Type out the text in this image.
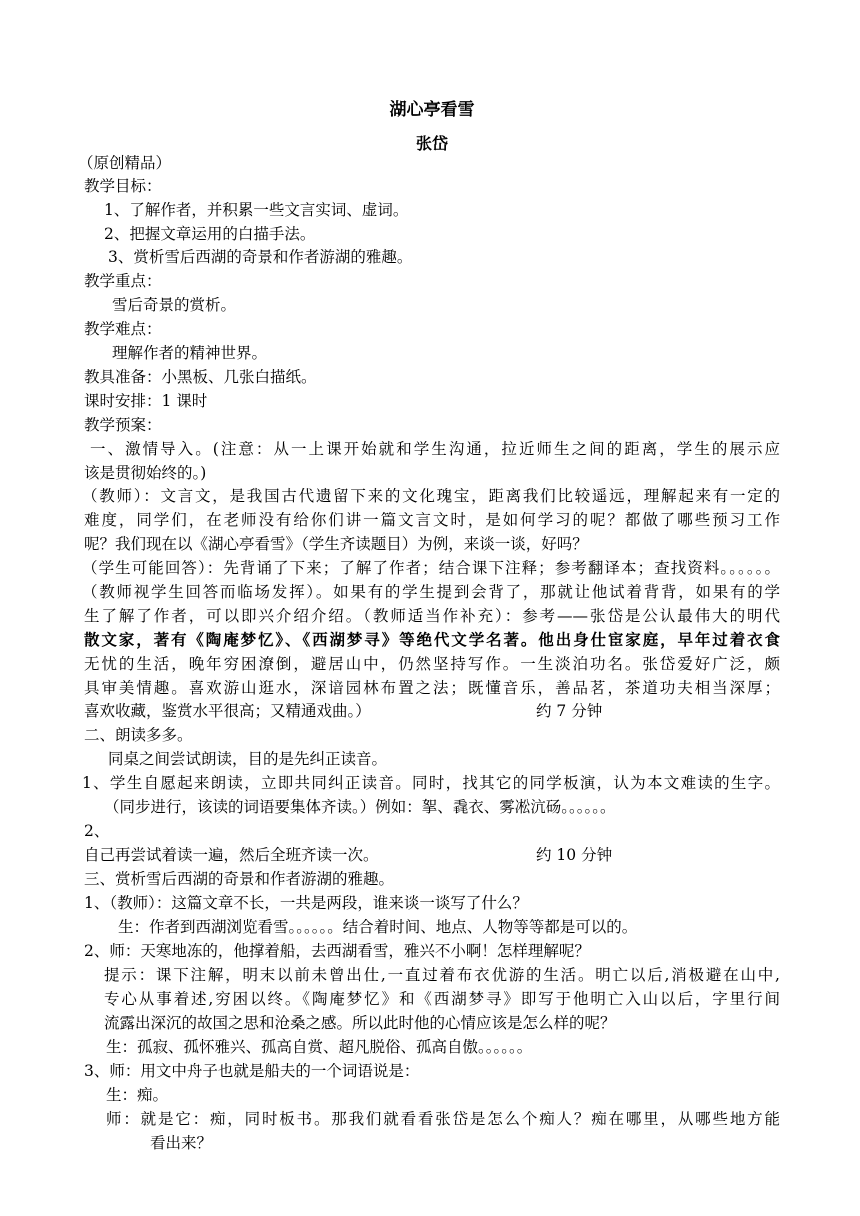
湖心亭看雪
张岱
（原创精品）
教学目标：
1、了解作者，并积累一些文言实词、虚词。
2、把握文章运用的白描手法。
3、赏析雪后西湖的奇景和作者游湖的雅趣。
教学重点：
雪后奇景的赏析。
教学难点：
理解作者的精神世界。
教具准备：小黑板、几张白描纸。
课时安排：1 课时
教学预案：
一、激情导入。(注意：从一上课开始就和学生沟通，拉近师生之间的距离，学生的展示应
该是贯彻始终的。)
（教师）：文言文，是我国古代遗留下来的文化瑰宝，距离我们比较遥远，理解起来有一定的
难度，同学们，在老师没有给你们讲一篇文言文时，是如何学习的呢？都做了哪些预习工作
呢？我们现在以《湖心亭看雪》（学生齐读题目）为例，来谈一谈，好吗？
（学生可能回答）：先背诵了下来；了解了作者；结合课下注释；参考翻译本；查找资料。。。。。。
（教师视学生回答而临场发挥）。如果有的学生提到会背了，那就让他试着背背，如果有的学
生了解了作者，可以即兴介绍介绍。（教师适当作补充）：参考——张岱是公认最伟大的明代
散文家，著有《陶庵梦忆》、《西湖梦寻》等绝代文学名著。他出身仕宦家庭，早年过着衣食
无忧的生活，晚年穷困潦倒，避居山中，仍然坚持写作。一生淡泊功名。张岱爱好广泛，颇
具审美情趣。喜欢游山逛水，深谙园林布置之法；既懂音乐，善品茗，茶道功夫相当深厚；
喜欢收藏，鉴赏水平很高；又精通戏曲。）	约 7 分钟
二、朗读多多。
同桌之间尝试朗读，目的是先纠正读音。
1、学生自愿起来朗读，立即共同纠正读音。同时，找其它的同学板演，认为本文难读的生字。
（同步进行，该读的词语要集体齐读。）例如：挐、毳衣、雾凇沆砀。。。。。。
2、
自己再尝试着读一遍，然后全班齐读一次。	约 10 分钟
三、赏析雪后西湖的奇景和作者游湖的雅趣。
1、（教师）：这篇文章不长，一共是两段，谁来谈一谈写了什么？
生：作者到西湖浏览看雪。。。。。。结合着时间、地点、人物等等都是可以的。
2、师：天寒地冻的，他撑着船，去西湖看雪，雅兴不小啊！怎样理解呢？
提示：课下注解，明末以前未曾出仕,一直过着布衣优游的生活。明亡以后,消极避在山中,
专心从事着述,穷困以终。《陶庵梦忆》和《西湖梦寻》即写于他明亡入山以后，字里行间
流露出深沉的故国之思和沧桑之感。所以此时他的心情应该是怎么样的呢？
生：孤寂、孤怀雅兴、孤高自赏、超凡脱俗、孤高自傲。。。。。。
3、师：用文中舟子也就是船夫的一个词语说是：
生：痴。
师：就是它：痴，同时板书。那我们就看看张岱是怎么个痴人？痴在哪里，从哪些地方能
看出来？
